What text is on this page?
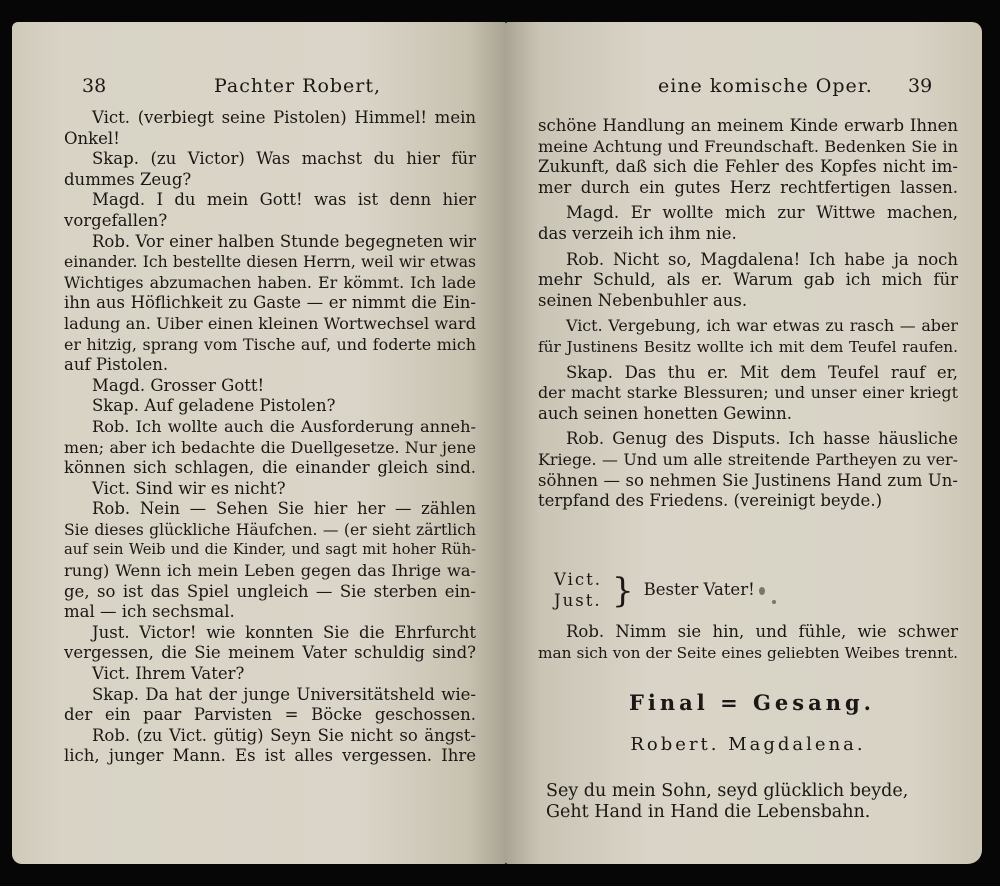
38	Pachter Robert,
Vict. (verbiegt seine Pistolen) Himmel! mein
Onkel!
Skap. (zu Victor) Was machst du hier für
dummes Zeug?
Magd. I du mein Gott! was ist denn hier
vorgefallen?
Rob. Vor einer halben Stunde begegneten wir
einander. Ich bestellte diesen Herrn, weil wir etwas
Wichtiges abzumachen haben. Er kömmt. Ich lade
ihn aus Höflichkeit zu Gaste — er nimmt die Ein-
ladung an. Uiber einen kleinen Wortwechsel ward
er hitzig, sprang vom Tische auf, und foderte mich
auf Pistolen.
Magd. Grosser Gott!
Skap. Auf geladene Pistolen?
Rob. Ich wollte auch die Ausforderung anneh-
men; aber ich bedachte die Duellgesetze. Nur jene
können sich schlagen, die einander gleich sind.
Vict. Sind wir es nicht?
Rob. Nein — Sehen Sie hier her — zählen
Sie dieses glückliche Häufchen. — (er sieht zärtlich
auf sein Weib und die Kinder, und sagt mit hoher Rüh-
rung) Wenn ich mein Leben gegen das Ihrige wa-
ge, so ist das Spiel ungleich — Sie sterben ein-
mal — ich sechsmal.
Just. Victor! wie konnten Sie die Ehrfurcht
vergessen, die Sie meinem Vater schuldig sind?
Vict. Ihrem Vater?
Skap. Da hat der junge Universitätsheld wie-
der ein paar Parvisten = Böcke geschossen.
Rob. (zu Vict. gütig) Seyn Sie nicht so ängst-
lich, junger Mann. Es ist alles vergessen. Ihre
eine komische Oper. 39
schöne Handlung an meinem Kinde erwarb Ihnen
meine Achtung und Freundschaft. Bedenken Sie in
Zukunft, daß sich die Fehler des Kopfes nicht im-
mer durch ein gutes Herz rechtfertigen lassen.
Magd. Er wollte mich zur Wittwe machen,
das verzeih ich ihm nie.
Rob. Nicht so, Magdalena! Ich habe ja noch
mehr Schuld, als er. Warum gab ich mich für
seinen Nebenbuhler aus.
Vict. Vergebung, ich war etwas zu rasch — aber
für Justinens Besitz wollte ich mit dem Teufel raufen.
Skap. Das thu er. Mit dem Teufel rauf er,
der macht starke Blessuren; und unser einer kriegt
auch seinen honetten Gewinn.
Rob. Genug des Disputs. Ich hasse häusliche
Kriege. — Und um alle streitende Partheyen zu ver-
söhnen — so nehmen Sie Justinens Hand zum Un-
terpfand des Friedens. (vereinigt beyde.)
Vict.
Just. } Bester Vater!
Rob. Nimm sie hin, und fühle, wie schwer
man sich von der Seite eines geliebten Weibes trennt.
Final = Gesang.
Robert. Magdalena.
Sey du mein Sohn, seyd glücklich beyde,
Geht Hand in Hand die Lebensbahn.
